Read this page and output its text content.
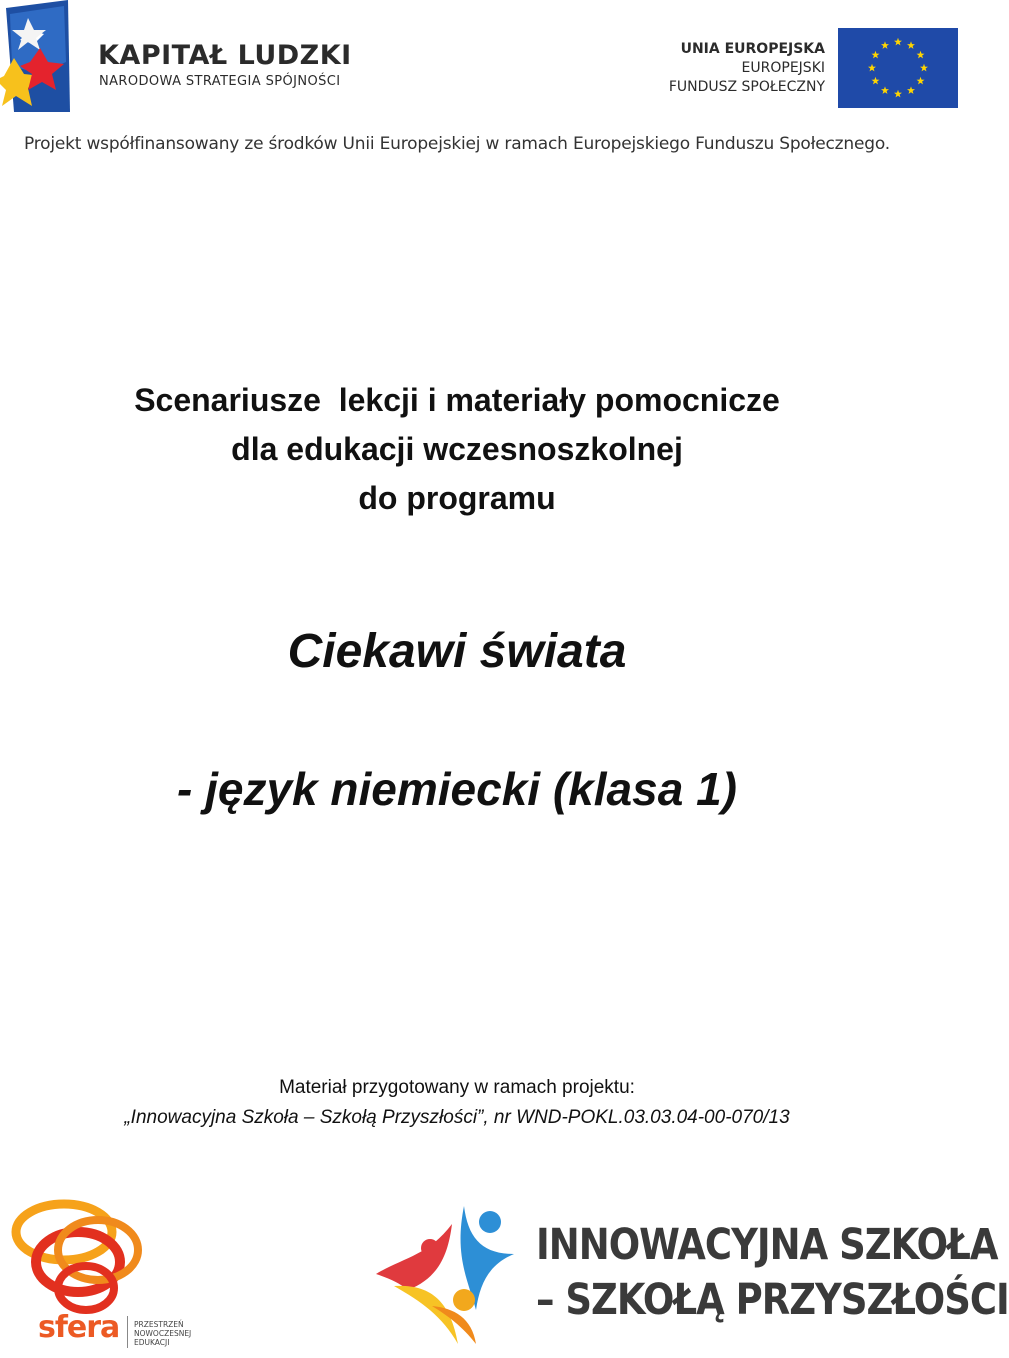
KAPITAŁ LUDZKI
NARODOWA STRATEGIA SPÓJNOŚCI
UNIA EUROPEJSKA
EUROPEJSKI
FUNDUSZ SPOŁECZNY
Projekt współfinansowany ze środków Unii Europejskiej w ramach Europejskiego Funduszu Społecznego.
Scenariusze  lekcji i materiały pomocnicze
dla edukacji wczesnoszkolnej
do programu
Ciekawi świata
- język niemiecki (klasa 1)
Materiał przygotowany w ramach projektu:
„Innowacyjna Szkoła – Szkołą Przyszłości”, nr WND-POKL.03.03.04-00-070/13
sfera PRZESTRZEŃ
NOWOCZESNEJ
EDUKACJI
INNOWACYJNA SZKOŁA
– SZKOŁĄ PRZYSZŁOŚCI
